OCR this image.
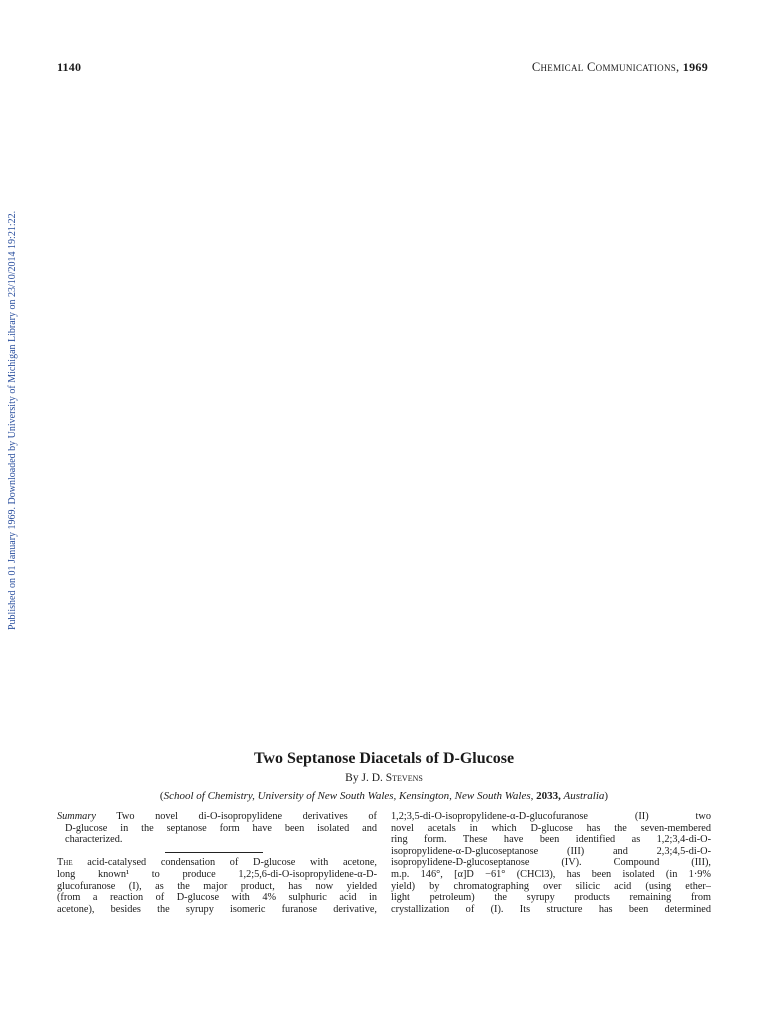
1140	Chemical Communications, 1969
Published on 01 January 1969. Downloaded by University of Michigan Library on 23/10/2014 19:21:22.
Two Septanose Diacetals of D-Glucose
By J. D. Stevens
(School of Chemistry, University of New South Wales, Kensington, New South Wales, 2033, Australia)
Summary Two novel di-O-isopropylidene derivatives of
D-glucose in the septanose form have been isolated and
characterized.
The acid-catalysed condensation of D-glucose with acetone,
long known¹ to produce 1,2;5,6-di-O-isopropylidene-α-D-
glucofuranose (I), as the major product, has now yielded
(from a reaction of D-glucose with 4% sulphuric acid in
acetone), besides the syrupy isomeric furanose derivative,
1,2;3,5-di-O-isopropylidene-α-D-glucofuranose (II) two
novel acetals in which D-glucose has the seven-membered
ring form. These have been identified as 1,2;3,4-di-O-
isopropylidene-α-D-glucoseptanose (III) and 2,3;4,5-di-O-
isopropylidene-D-glucoseptanose (IV). Compound (III),
m.p. 146°, [α]D −61° (CHCl3), has been isolated (in 1·9%
yield) by chromatographing over silicic acid (using ether–
light petroleum) the syrupy products remaining from
crystallization of (I). Its structure has been determined
